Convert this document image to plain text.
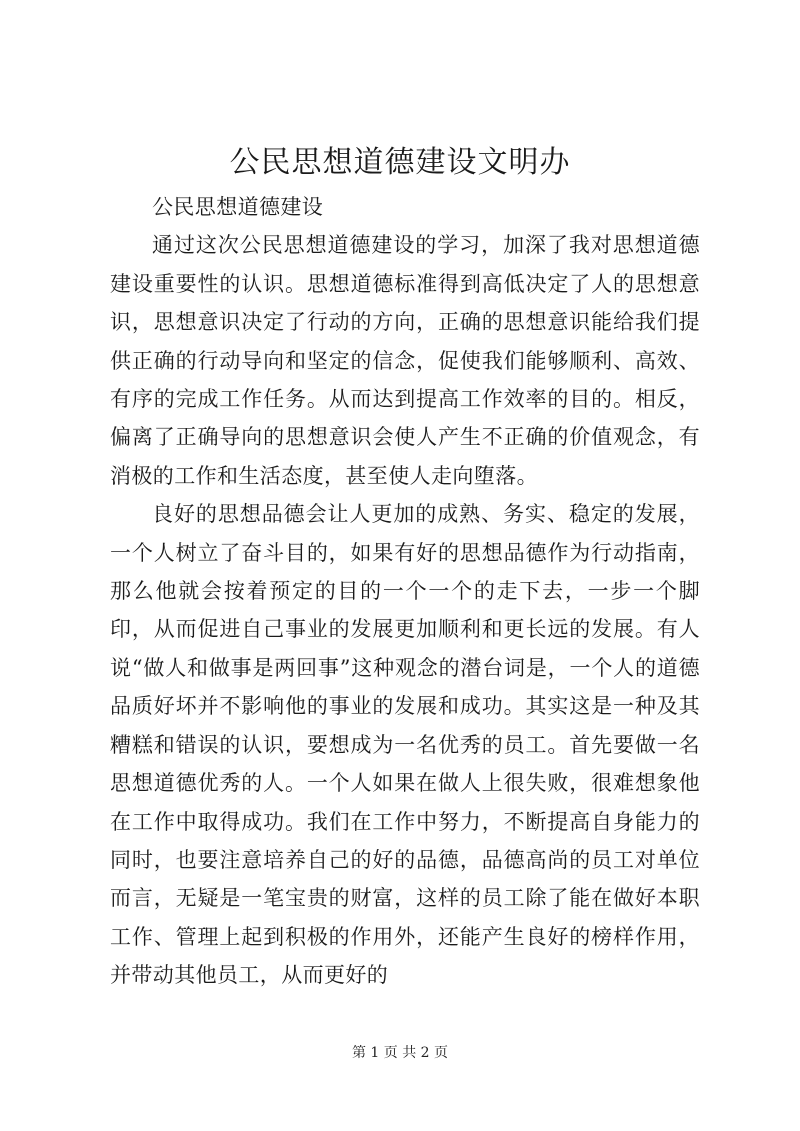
公民思想道德建设文明办

公民思想道德建设

通过这次公民思想道德建设的学习，加深了我对思想道德建设重要性的认识。思想道德标准得到高低决定了人的思想意识，思想意识决定了行动的方向，正确的思想意识能给我们提供正确的行动导向和坚定的信念，促使我们能够顺利、高效、有序的完成工作任务。从而达到提高工作效率的目的。相反，偏离了正确导向的思想意识会使人产生不正确的价值观念，有消极的工作和生活态度，甚至使人走向堕落。

良好的思想品德会让人更加的成熟、务实、稳定的发展，一个人树立了奋斗目的，如果有好的思想品德作为行动指南，那么他就会按着预定的目的一个一个的走下去，一步一个脚印，从而促进自己事业的发展更加顺利和更长远的发展。有人说“做人和做事是两回事”这种观念的潜台词是，一个人的道德品质好坏并不影响他的事业的发展和成功。其实这是一种及其糟糕和错误的认识，要想成为一名优秀的员工。首先要做一名思想道德优秀的人。一个人如果在做人上很失败，很难想象他在工作中取得成功。我们在工作中努力，不断提高自身能力的同时，也要注意培养自己的好的品德，品德高尚的员工对单位而言，无疑是一笔宝贵的财富，这样的员工除了能在做好本职工作、管理上起到积极的作用外，还能产生良好的榜样作用，并带动其他员工，从而更好的

第 1 页 共 2 页
